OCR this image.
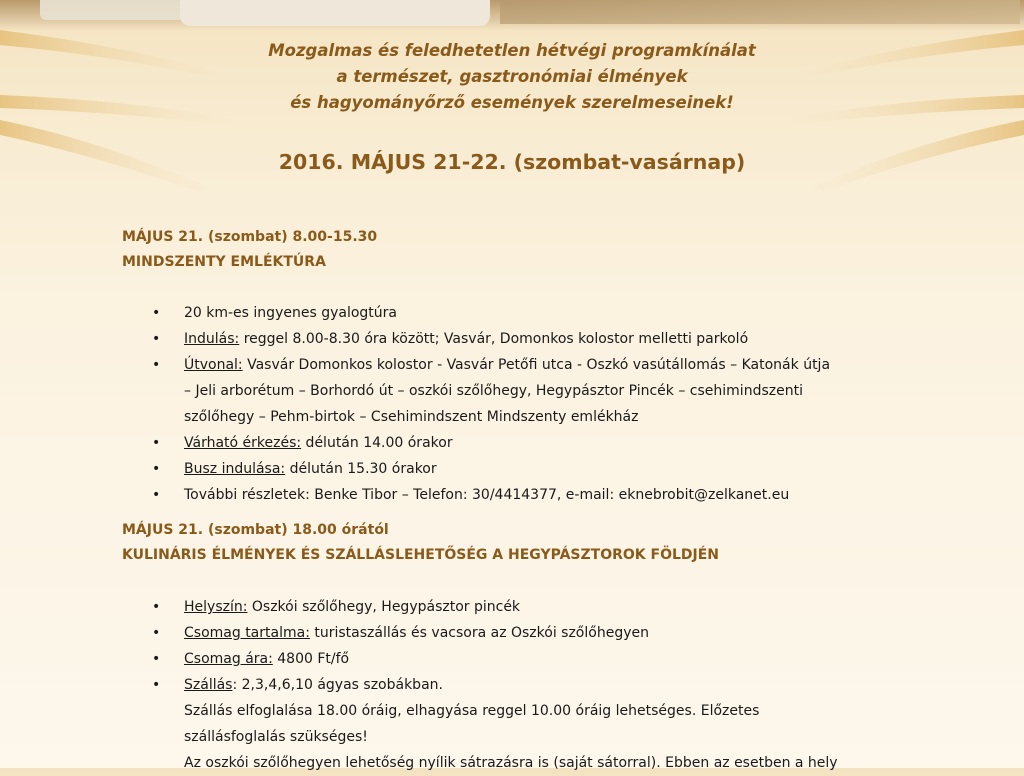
Mozgalmas és feledhetetlen hétvégi programkínálat
a természet, gasztronómiai élmények
és hagyományőrző események szerelmeseinek!
2016. MÁJUS 21-22. (szombat-vasárnap)
MÁJUS 21. (szombat) 8.00-15.30
MINDSZENTY EMLÉKTÚRA
• 20 km-es ingyenes gyalogtúra
• Indulás: reggel 8.00-8.30 óra között; Vasvár, Domonkos kolostor melletti parkoló
• Útvonal: Vasvár Domonkos kolostor - Vasvár Petőfi utca - Oszkó vasútállomás – Katonák útja
– Jeli arborétum – Borhordó út – oszkói szőlőhegy, Hegypásztor Pincék – csehimindszenti
szőlőhegy – Pehm-birtok – Csehimindszent Mindszenty emlékház
• Várható érkezés: délután 14.00 órakor
• Busz indulása: délután 15.30 órakor
• További részletek: Benke Tibor – Telefon: 30/4414377, e-mail: eknebrobit@zelkanet.eu
MÁJUS 21. (szombat) 18.00 órától
KULINÁRIS ÉLMÉNYEK ÉS SZÁLLÁSLEHETŐSÉG A HEGYPÁSZTOROK FÖLDJÉN
• Helyszín: Oszkói szőlőhegy, Hegypásztor pincék
• Csomag tartalma: turistaszállás és vacsora az Oszkói szőlőhegyen
• Csomag ára: 4800 Ft/fő
• Szállás: 2,3,4,6,10 ágyas szobákban.
Szállás elfoglalása 18.00 óráig, elhagyása reggel 10.00 óráig lehetséges. Előzetes
szállásfoglalás szükséges!
Az oszkói szőlőhegyen lehetőség nyílik sátrazásra is (saját sátorral). Ebben az esetben a hely
